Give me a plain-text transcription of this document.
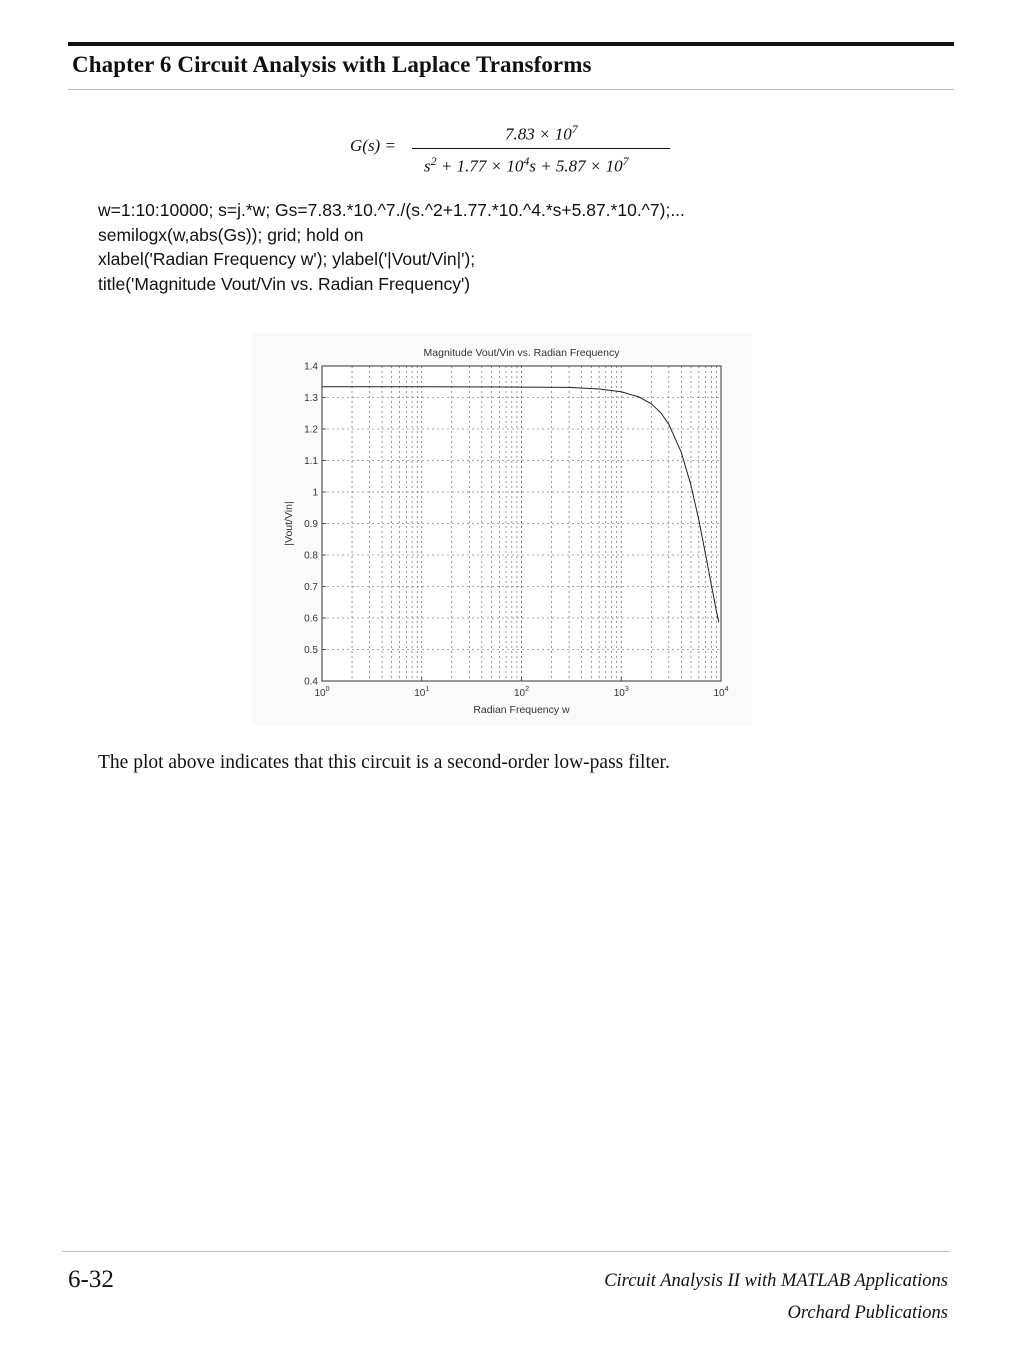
Chapter 6 Circuit Analysis with Laplace Transforms
G(s) =
$7.83 \times 10^7$
$s^2 + 1.77 \times 10^4s + 5.87 \times 10^7$
w=1:10:10000; s=j.*w; Gs=7.83.*10.^7./(s.^2+1.77.*10.^4.*s+5.87.*10.^7);...
semilogx(w,abs(Gs)); grid; hold on
xlabel('Radian Frequency w'); ylabel('|Vout/Vin|');
title('Magnitude Vout/Vin vs. Radian Frequency')
0.4
0.5
0.6
0.7
0.8
0.9
1
1.1
1.2
1.3
1.4
$10^0$	$10^1$	$10^2$	$10^3$	$10^4$
Magnitude Vout/Vin vs. Radian Frequency
Radian Frequency w
|Vout/Vin|
The plot above indicates that this circuit is a second-order low-pass filter.
6-32	Circuit Analysis II with MATLAB Applications
Orchard Publications
